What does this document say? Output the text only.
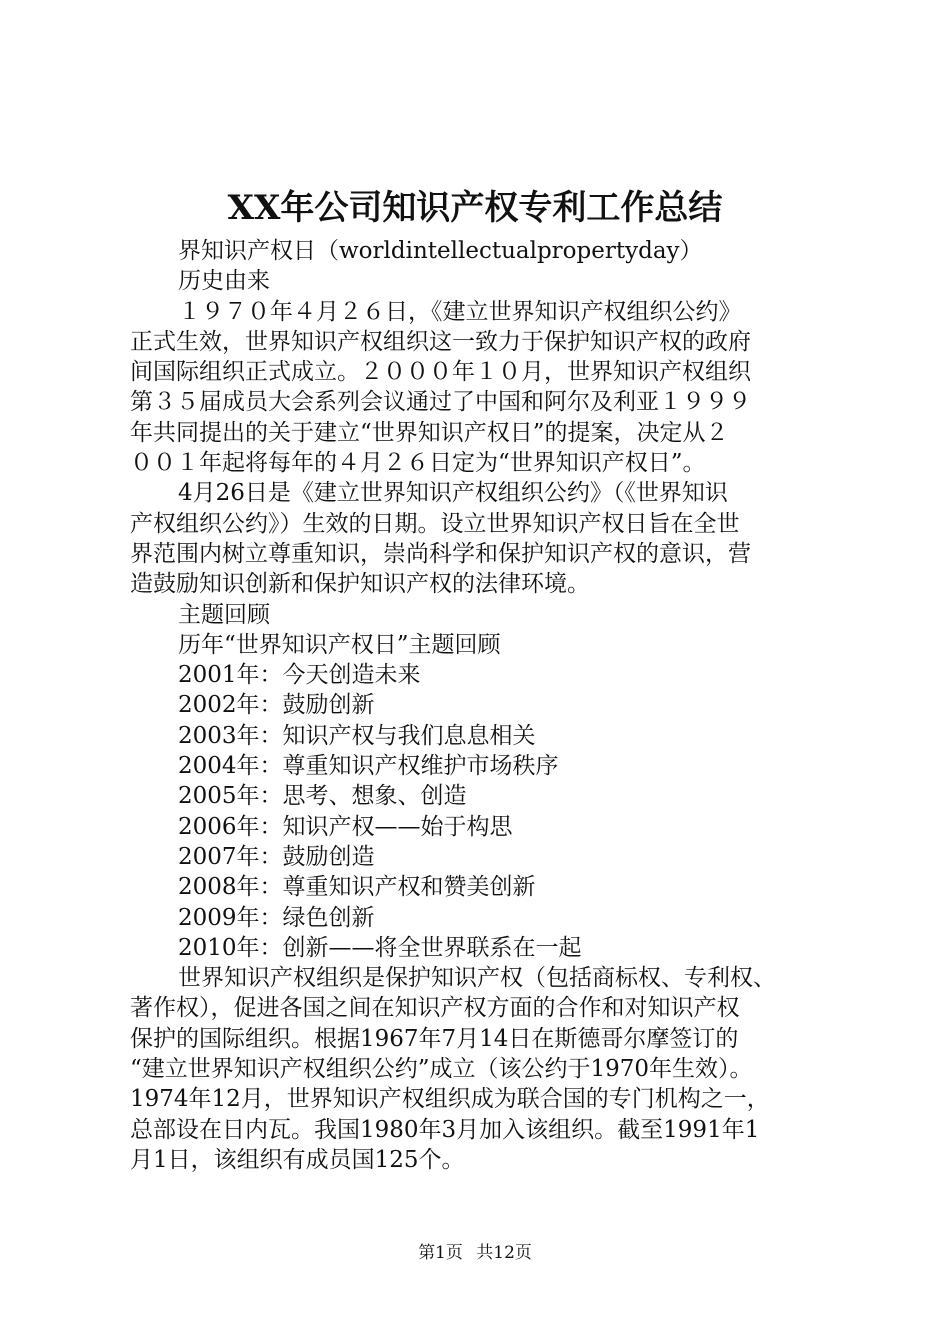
XX年公司知识产权专利工作总结
界知识产权日（worldintellectualpropertyday）
历史由来
１９７０年４月２６日，《建立世界知识产权组织公约》
正式生效，世界知识产权组织这一致力于保护知识产权的政府
间国际组织正式成立。２０００年１０月，世界知识产权组织
第３５届成员大会系列会议通过了中国和阿尔及利亚１９９９
年共同提出的关于建立“世界知识产权日”的提案，决定从２
００１年起将每年的４月２６日定为“世界知识产权日”。
4月26日是《建立世界知识产权组织公约》（《世界知识
产权组织公约》）生效的日期。设立世界知识产权日旨在全世
界范围内树立尊重知识，崇尚科学和保护知识产权的意识，营
造鼓励知识创新和保护知识产权的法律环境。
主题回顾
历年“世界知识产权日”主题回顾
2001年：今天创造未来
2002年：鼓励创新
2003年：知识产权与我们息息相关
2004年：尊重知识产权维护市场秩序
2005年：思考、想象、创造
2006年：知识产权——始于构思
2007年：鼓励创造
2008年：尊重知识产权和赞美创新
2009年：绿色创新
2010年：创新——将全世界联系在一起
世界知识产权组织是保护知识产权（包括商标权、专利权、
著作权），促进各国之间在知识产权方面的合作和对知识产权
保护的国际组织。根据1967年7月14日在斯德哥尔摩签订的
“建立世界知识产权组织公约”成立（该公约于1970年生效）。
1974年12月，世界知识产权组织成为联合国的专门机构之一，
总部设在日内瓦。我国1980年3月加入该组织。截至1991年1
月1日，该组织有成员国125个。
第1页 共12页
